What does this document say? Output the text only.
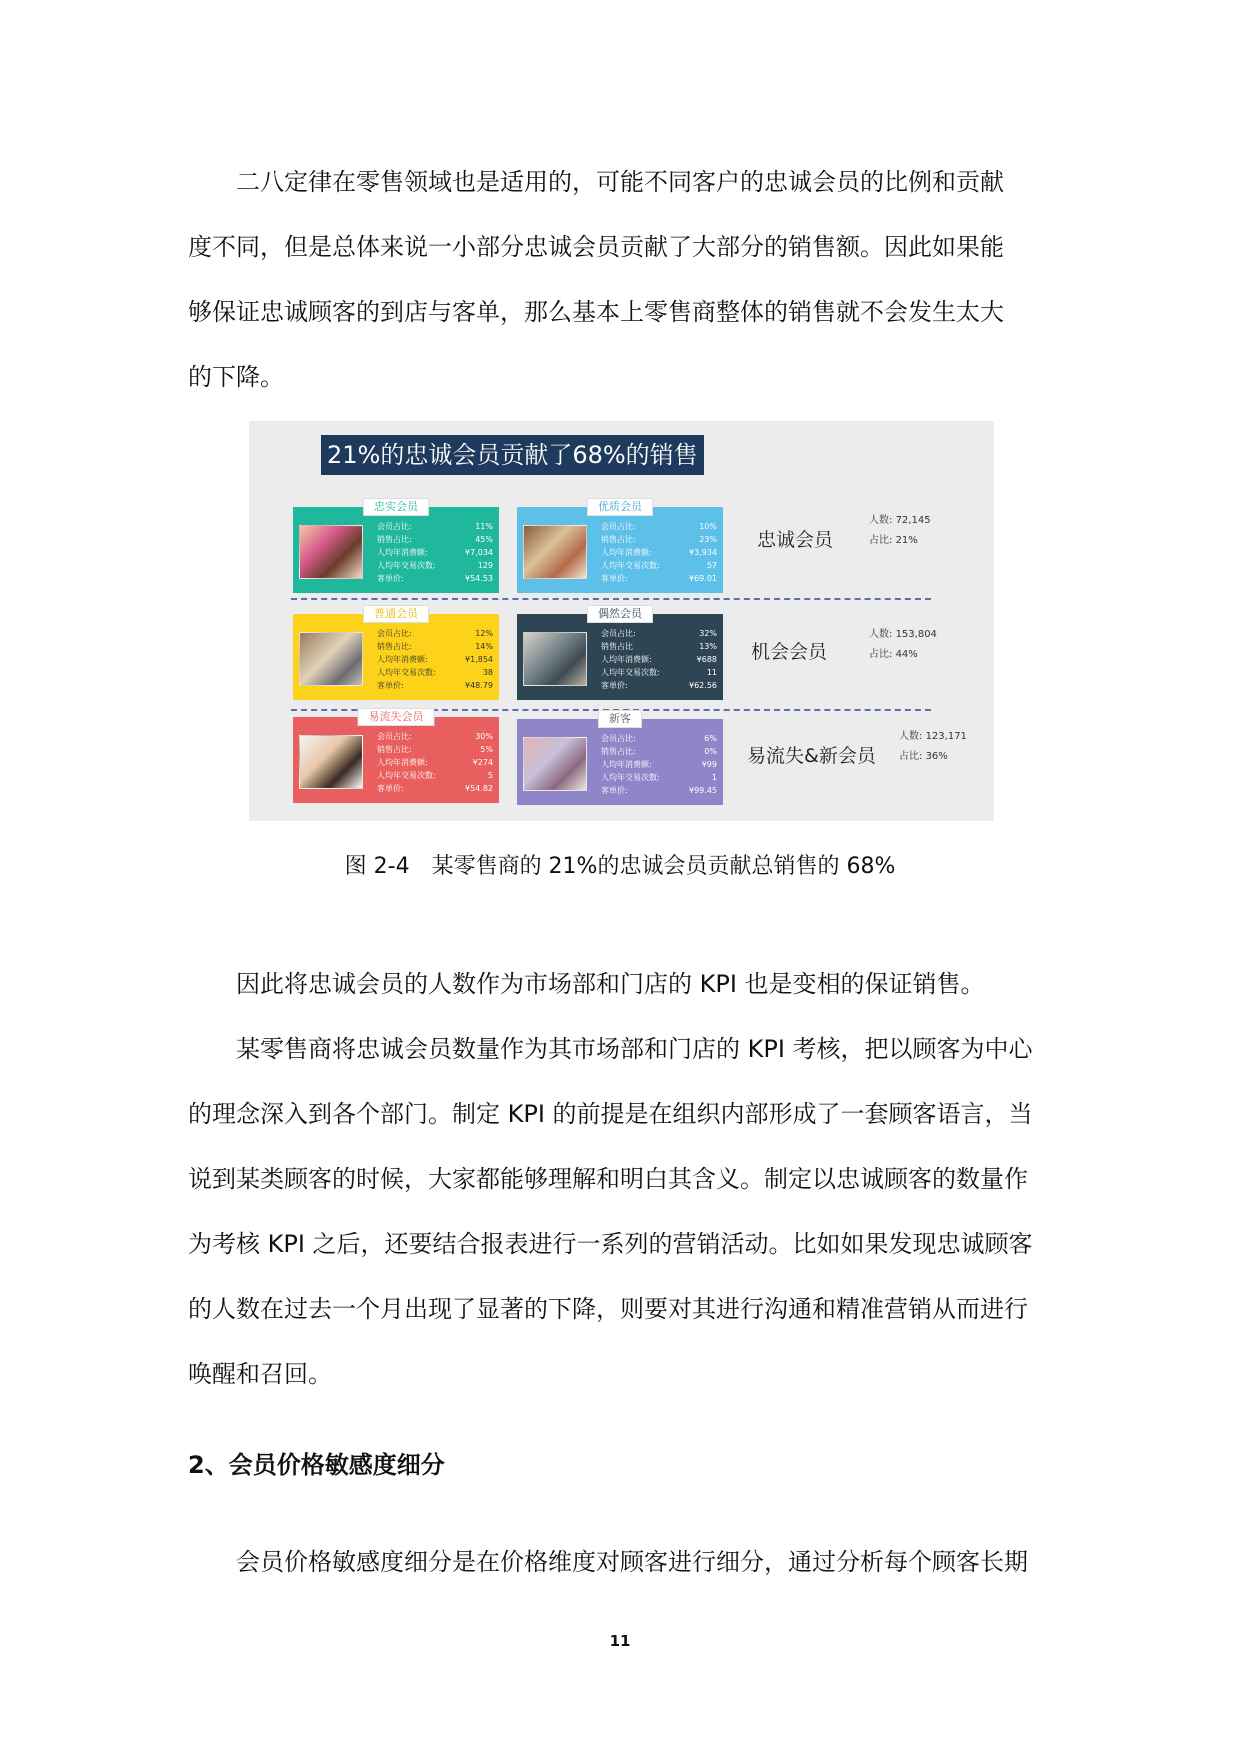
二八定律在零售领域也是适用的，可能不同客户的忠诚会员的比例和贡献

度不同，但是总体来说一小部分忠诚会员贡献了大部分的销售额。因此如果能

够保证忠诚顾客的到店与客单，那么基本上零售商整体的销售就不会发生太大

的下降。

21%的忠诚会员贡献了68%的销售
忠实会员
会员占比:	11%
销售占比:	45%
人均年消费额:	¥7,034
人均年交易次数:	129
客单价:	¥54.53
优质会员
会员占比:	10%
销售占比:	23%
人均年消费额:	¥3,934
人均年交易次数:	57
客单价:	¥69.01
忠诚会员
人数: 72,145
占比: 21%
普通会员
会员占比:	12%
销售占比:	14%
人均年消费额:	¥1,854
人均年交易次数:	38
客单价:	¥48.79
偶然会员
会员占比:	32%
销售占比	13%
人均年消费额:	¥688
人均年交易次数:	11
客单价:	¥62.56
机会会员
人数: 153,804
占比: 44%
易流失会员
会员占比:	30%
销售占比:	5%
人均年消费额:	¥274
人均年交易次数:	5
客单价:	¥54.82
新客
会员占比:	6%
销售占比:	0%
人均年消费额:	¥99
人均年交易次数:	1
客单价:	¥99.45
易流失&新会员
人数: 123,171
占比: 36%
图 2-4　某零售商的 21%的忠诚会员贡献总销售的 68%

因此将忠诚会员的人数作为市场部和门店的 KPI 也是变相的保证销售。

某零售商将忠诚会员数量作为其市场部和门店的 KPI 考核，把以顾客为中心

的理念深入到各个部门。制定 KPI 的前提是在组织内部形成了一套顾客语言，当

说到某类顾客的时候，大家都能够理解和明白其含义。制定以忠诚顾客的数量作

为考核 KPI 之后，还要结合报表进行一系列的营销活动。比如如果发现忠诚顾客

的人数在过去一个月出现了显著的下降，则要对其进行沟通和精准营销从而进行

唤醒和召回。

2、会员价格敏感度细分

会员价格敏感度细分是在价格维度对顾客进行细分，通过分析每个顾客长期

11
